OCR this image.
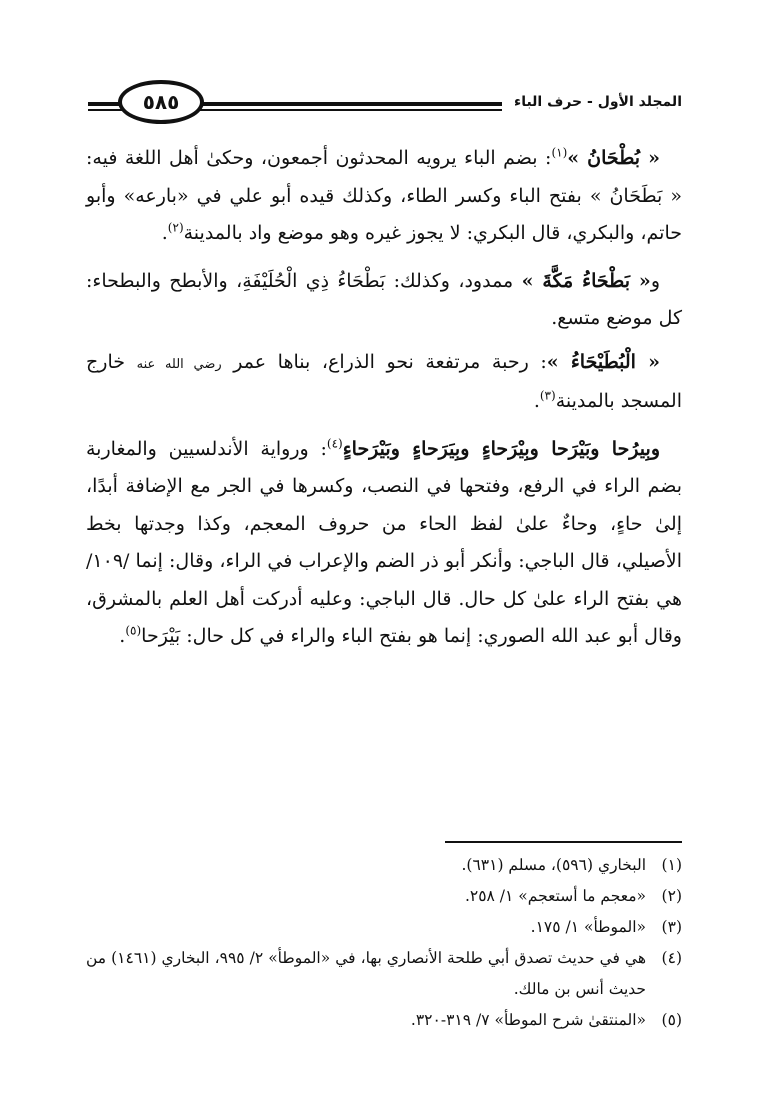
المجلد الأول - حرف الباء
٥٨٥

« بُطْحَانُ »$^{(١)}$: بضم الباء يرويه المحدثون أجمعون، وحكىٰ أهل اللغة فيه: « بَطَحَانُ » بفتح الباء وكسر الطاء، وكذلك قيده أبو علي في «بارعه» وأبو حاتم، والبكري، قال البكري: لا يجوز غيره وهو موضع واد بالمدينة$^{(٢)}$.

و« بَطْحَاءُ مَكَّةَ » ممدود، وكذلك: بَطْحَاءُ ذِي الْحُلَيْفَةِ، والأبطح والبطحاء: كل موضع متسع.

« الْبُطَيْحَاءُ »: رحبة مرتفعة نحو الذراع، بناها عمر رضي الله عنه خارج المسجد بالمدينة$^{(٣)}$.

وبِيرُحا وبَيْرَحا وبِيْرَحاءٍ وبِيَرَحاءٍ وبَيْرَحاءٍ$^{(٤)}$: ورواية الأندلسيين والمغاربة بضم الراء في الرفع، وفتحها في النصب، وكسرها في الجر مع الإضافة أبدًا، إلىٰ حاءٍ، وحاءٌ علىٰ لفظ الحاء من حروف المعجم، وكذا وجدتها بخط الأصيلي، قال الباجي: وأنكر أبو ذر الضم والإعراب في الراء، وقال: إنما /١٠٩/ هي بفتح الراء علىٰ كل حال. قال الباجي: وعليه أدركت أهل العلم بالمشرق، وقال أبو عبد الله الصوري: إنما هو بفتح الباء والراء في كل حال: بَيْرَحا$^{(٥)}$.

(١)
البخاري (٥٩٦)، مسلم (٦٣١).
(٢)
«معجم ما أستعجم» ١/ ٢٥٨.
(٣)
«الموطأ» ١/ ١٧٥.
(٤)
هي في حديث تصدق أبي طلحة الأنصاري بها، في «الموطأ» ٢/ ٩٩٥، البخاري (١٤٦١) من حديث أنس بن مالك.
(٥)
«المنتقىٰ شرح الموطأ» ٧/ ٣١٩-٣٢٠.
